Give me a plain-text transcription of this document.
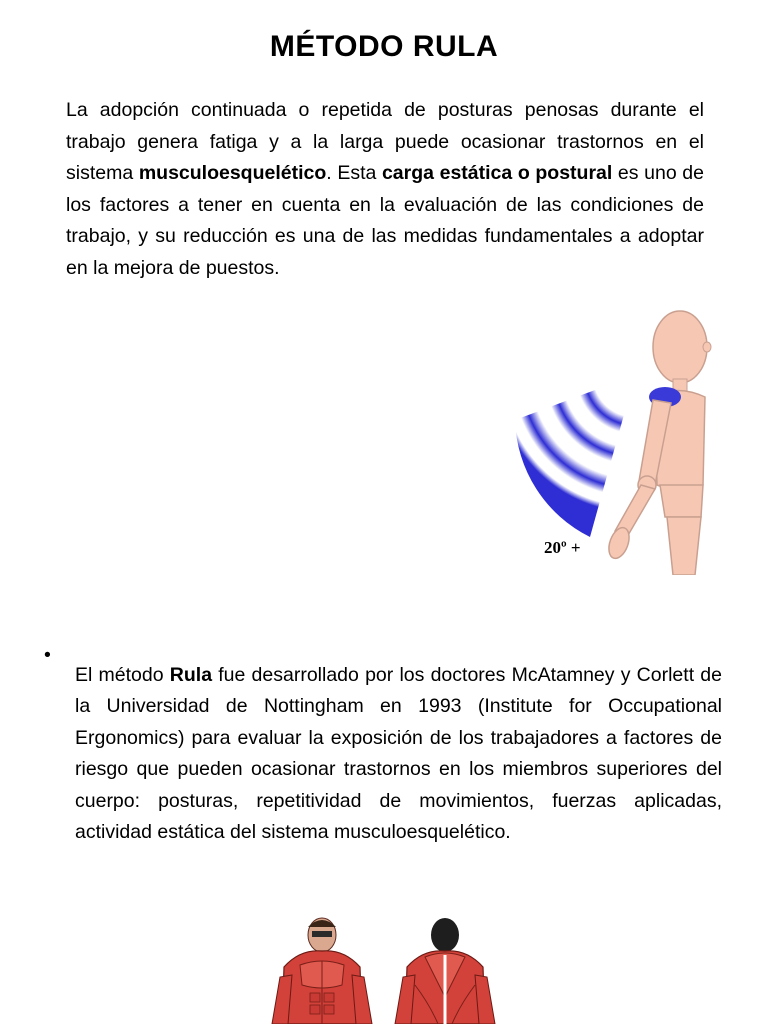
MÉTODO RULA

La adopción continuada o repetida de posturas penosas durante el trabajo genera fatiga y a la larga puede ocasionar trastornos en el sistema musculoesquelético. Esta carga estática o postural es uno de los factores a tener en cuenta en la evaluación de las condiciones de trabajo, y su reducción es una de las medidas fundamentales a adoptar en la mejora de puestos.

20º +
•

El método Rula fue desarrollado por los doctores McAtamney y Corlett de la Universidad de Nottingham en 1993 (Institute for Occupational Ergonomics) para evaluar la exposición de los trabajadores a factores de riesgo que pueden ocasionar trastornos en los miembros superiores del cuerpo: posturas, repetitividad de movimientos, fuerzas aplicadas, actividad estática del sistema musculoesquelético.
